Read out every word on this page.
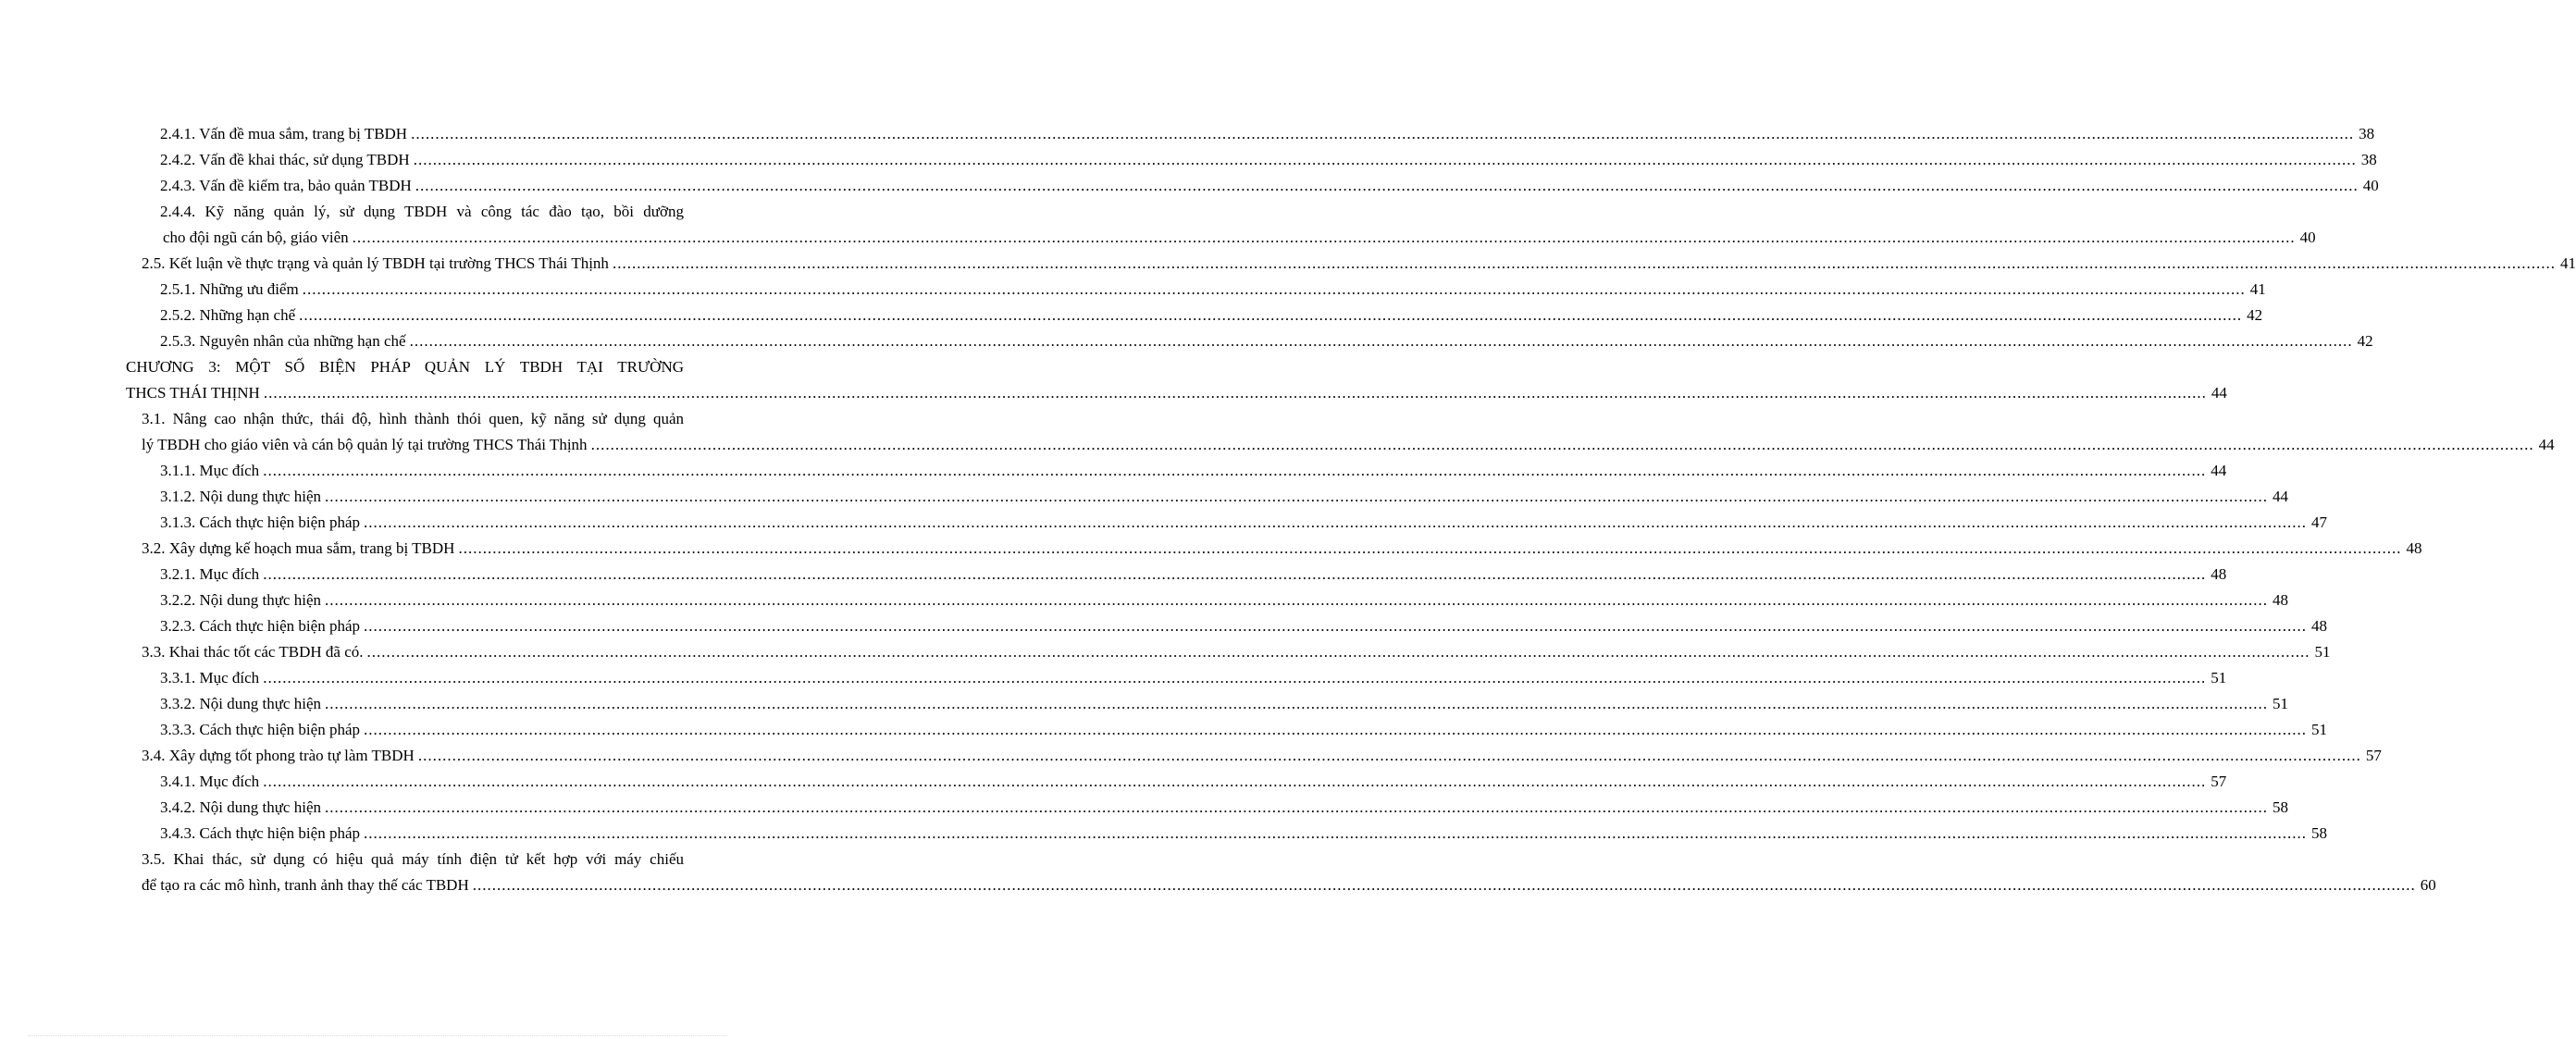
2.4.1. Vấn đề mua sắm, trang bị TBDH ................................................................................................................................................................................................................................................................................................................................................................................................................ 38
2.4.2. Vấn đề khai thác, sử dụng TBDH ................................................................................................................................................................................................................................................................................................................................................................................................................ 38
2.4.3. Vấn đề kiểm tra, bảo quản TBDH ................................................................................................................................................................................................................................................................................................................................................................................................................ 40
2.4.4. Kỹ năng quản lý, sử dụng TBDH và công tác đào tạo, bồi dưỡng
cho đội ngũ cán bộ, giáo viên ................................................................................................................................................................................................................................................................................................................................................................................................................ 40
2.5. Kết luận về thực trạng và quản lý TBDH tại trường THCS Thái Thịnh ................................................................................................................................................................................................................................................................................................................................................................................................................ 41
2.5.1. Những ưu điểm ................................................................................................................................................................................................................................................................................................................................................................................................................ 41
2.5.2. Những hạn chế ................................................................................................................................................................................................................................................................................................................................................................................................................ 42
2.5.3. Nguyên nhân của những hạn chế ................................................................................................................................................................................................................................................................................................................................................................................................................ 42
CHƯƠNG 3: MỘT SỐ BIỆN PHÁP QUẢN LÝ TBDH TẠI TRƯỜNG
THCS THÁI THỊNH ................................................................................................................................................................................................................................................................................................................................................................................................................ 44
3.1. Nâng cao nhận thức, thái độ, hình thành thói quen, kỹ năng sử dụng quản
lý TBDH cho giáo viên và cán bộ quản lý tại trường THCS Thái Thịnh ................................................................................................................................................................................................................................................................................................................................................................................................................ 44
3.1.1. Mục đích ................................................................................................................................................................................................................................................................................................................................................................................................................ 44
3.1.2. Nội dung thực hiện ................................................................................................................................................................................................................................................................................................................................................................................................................ 44
3.1.3. Cách thực hiện biện pháp ................................................................................................................................................................................................................................................................................................................................................................................................................ 47
3.2. Xây dựng kế hoạch mua sắm, trang bị TBDH ................................................................................................................................................................................................................................................................................................................................................................................................................ 48
3.2.1. Mục đích ................................................................................................................................................................................................................................................................................................................................................................................................................ 48
3.2.2. Nội dung thực hiện ................................................................................................................................................................................................................................................................................................................................................................................................................ 48
3.2.3. Cách thực hiện biện pháp ................................................................................................................................................................................................................................................................................................................................................................................................................ 48
3.3. Khai thác tốt các TBDH đã có. ................................................................................................................................................................................................................................................................................................................................................................................................................ 51
3.3.1. Mục đích ................................................................................................................................................................................................................................................................................................................................................................................................................ 51
3.3.2. Nội dung thực hiện ................................................................................................................................................................................................................................................................................................................................................................................................................ 51
3.3.3. Cách thực hiện biện pháp ................................................................................................................................................................................................................................................................................................................................................................................................................ 51
3.4. Xây dựng tốt phong trào tự làm TBDH ................................................................................................................................................................................................................................................................................................................................................................................................................ 57
3.4.1. Mục đích ................................................................................................................................................................................................................................................................................................................................................................................................................ 57
3.4.2. Nội dung thực hiện ................................................................................................................................................................................................................................................................................................................................................................................................................ 58
3.4.3. Cách thực hiện biện pháp ................................................................................................................................................................................................................................................................................................................................................................................................................ 58
3.5. Khai thác, sử dụng có hiệu quả máy tính điện tử kết hợp với máy chiếu
để tạo ra các mô hình, tranh ảnh thay thế các TBDH ................................................................................................................................................................................................................................................................................................................................................................................................................ 60
